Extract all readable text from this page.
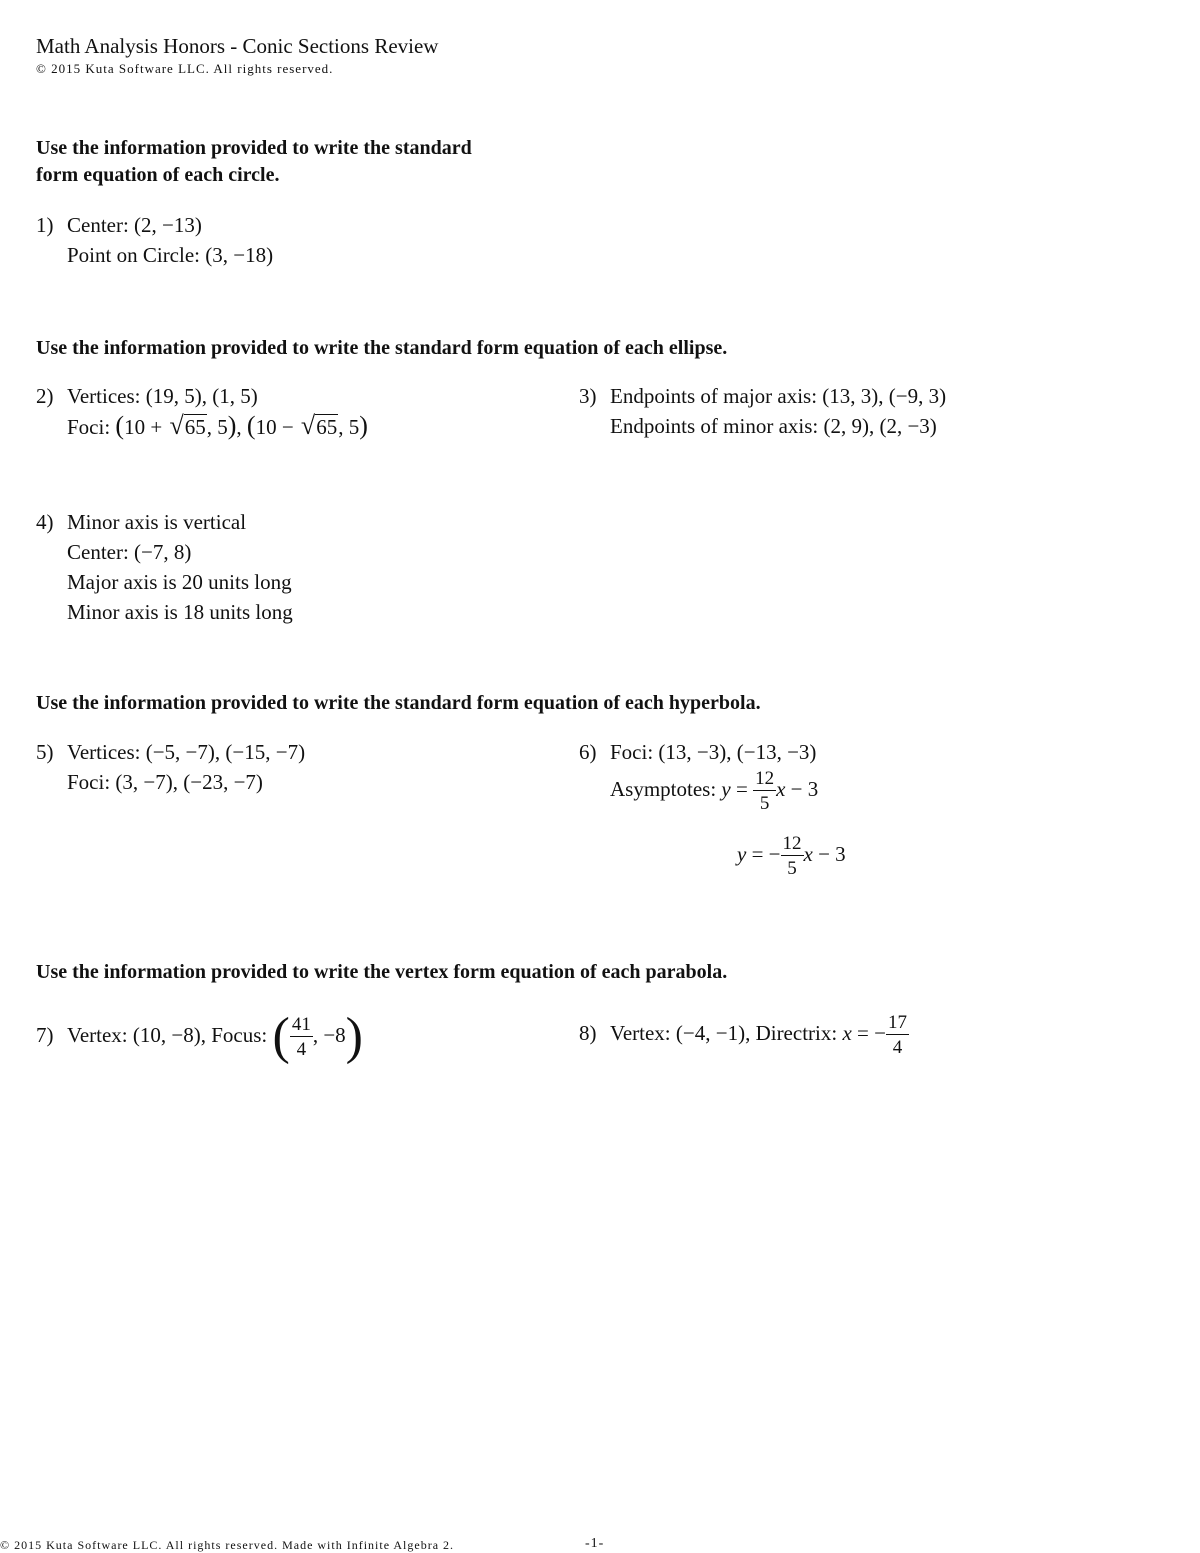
Math Analysis Honors - Conic Sections Review
© 2015 Kuta Software LLC. All rights reserved.
Use the information provided to write the standard
form equation of each circle.
1) Center: (2, −13)
Point on Circle: (3, −18)
Use the information provided to write the standard form equation of each ellipse.
2) Vertices: (19, 5), (1, 5)
Foci: (10 + √65, 5), (10 − √65, 5)
3) Endpoints of major axis: (13, 3), (−9, 3)
Endpoints of minor axis: (2, 9), (2, −3)
4) Minor axis is vertical
Center: (−7, 8)
Major axis is 20 units long
Minor axis is 18 units long
Use the information provided to write the standard form equation of each hyperbola.
5) Vertices: (−5, −7), (−15, −7)
Foci: (3, −7), (−23, −7)
6) Foci: (13, −3), (−13, −3)
Asymptotes: $y = \frac{12}{5}$ x − 3
y = − $\frac{12}{5}$ x − 3
Use the information provided to write the vertex form equation of each parabola.
7) Vertex: (10, −8), Focus: ( $\frac{41}{4}$ , −8)	8) Vertex: (−4, −1), Directrix: x = − $\frac{17}{4}$
© 2015 Kuta Software LLC. All rights reserved. Made with Infinite Algebra 2.	-1-
